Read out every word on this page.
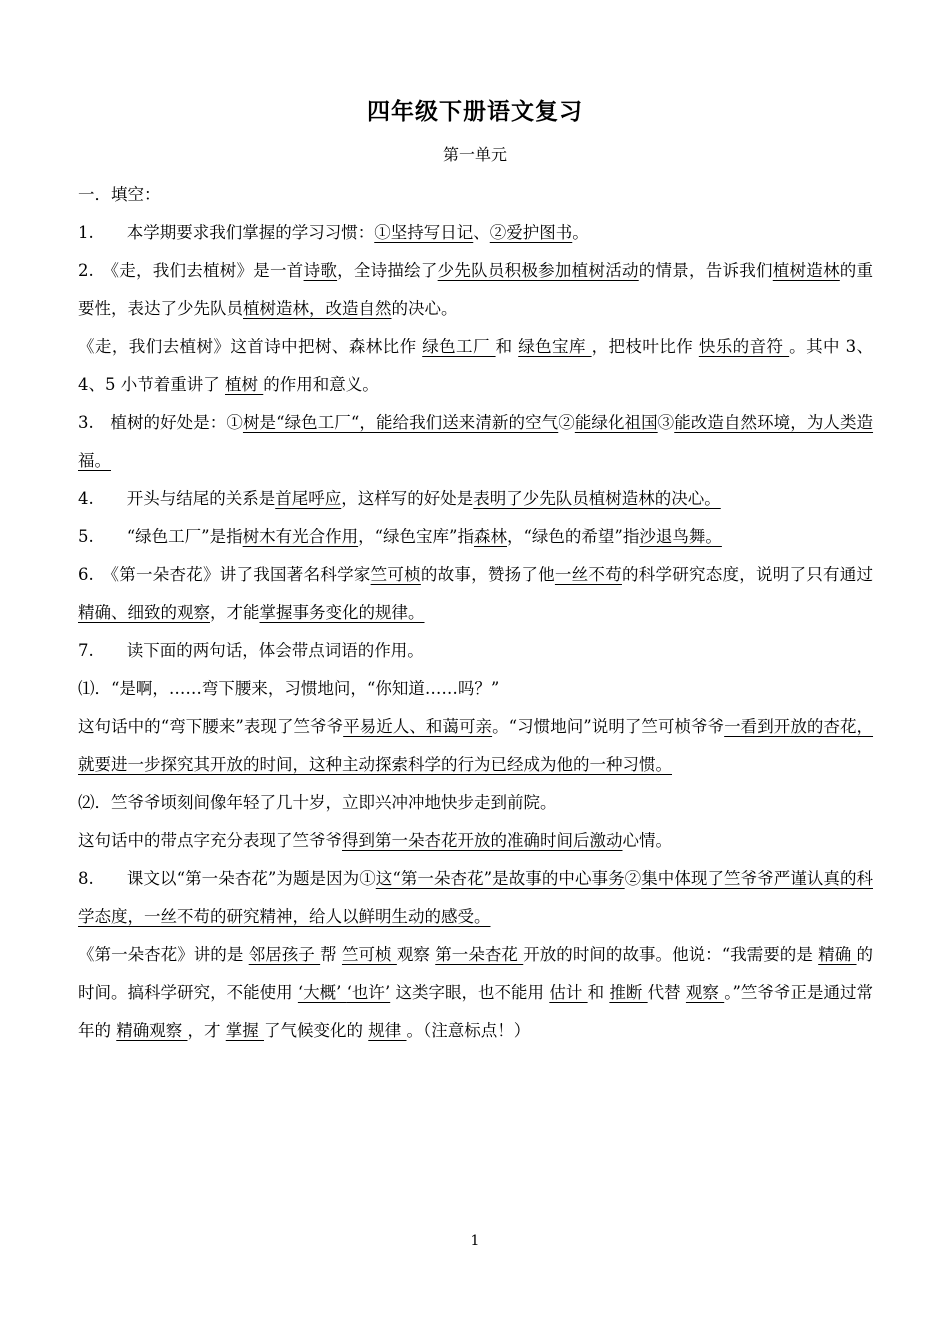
四年级下册语文复习
第一单元

一．填空：

1.　　本学期要求我们掌握的学习习惯：①坚持写日记、②爱护图书。

2.　《走，我们去植树》是一首诗歌，全诗描绘了少先队员积极参加植树活动的情景，告诉我们植树造林的重要性，表达了少先队员植树造林，改造自然的决心。

《走，我们去植树》这首诗中把树、森林比作 绿色工厂 和 绿色宝库 ，把枝叶比作 快乐的音符 。其中 3、4、5 小节着重讲了 植树 的作用和意义。

3.　植树的好处是：①树是“绿色工厂“，能给我们送来清新的空气②能绿化祖国③能改造自然环境，为人类造福。

4.　　开头与结尾的关系是首尾呼应，这样写的好处是表明了少先队员植树造林的决心。

5.　　“绿色工厂”是指树木有光合作用，“绿色宝库”指森林，“绿色的希望”指沙退鸟舞。

6.　《第一朵杏花》讲了我国著名科学家竺可桢的故事，赞扬了他一丝不苟的科学研究态度，说明了只有通过精确、细致的观察，才能掌握事务变化的规律。

7.　　读下面的两句话，体会带点词语的作用。

⑴．“是啊，……弯下腰来，习惯地问，“你知道……吗？”

这句话中的“弯下腰来”表现了竺爷爷平易近人、和蔼可亲。“习惯地问”说明了竺可桢爷爷一看到开放的杏花，就要进一步探究其开放的时间，这种主动探索科学的行为已经成为他的一种习惯。

⑵．竺爷爷顷刻间像年轻了几十岁，立即兴冲冲地快步走到前院。

这句话中的带点字充分表现了竺爷爷得到第一朵杏花开放的准确时间后激动心情。

8.　　课文以“第一朵杏花”为题是因为①这“第一朵杏花”是故事的中心事务②集中体现了竺爷爷严谨认真的科学态度，一丝不苟的研究精神，给人以鲜明生动的感受。

《第一朵杏花》讲的是 邻居孩子 帮 竺可桢 观察 第一朵杏花 开放的时间的故事。他说：“我需要的是 精确 的时间。搞科学研究，不能使用 ‘大概’ ‘也许’ 这类字眼，也不能用 估计 和 推断 代替 观察 。”竺爷爷正是通过常年的 精确观察 ，才 掌握 了气候变化的 规律 。（注意标点！）

1
